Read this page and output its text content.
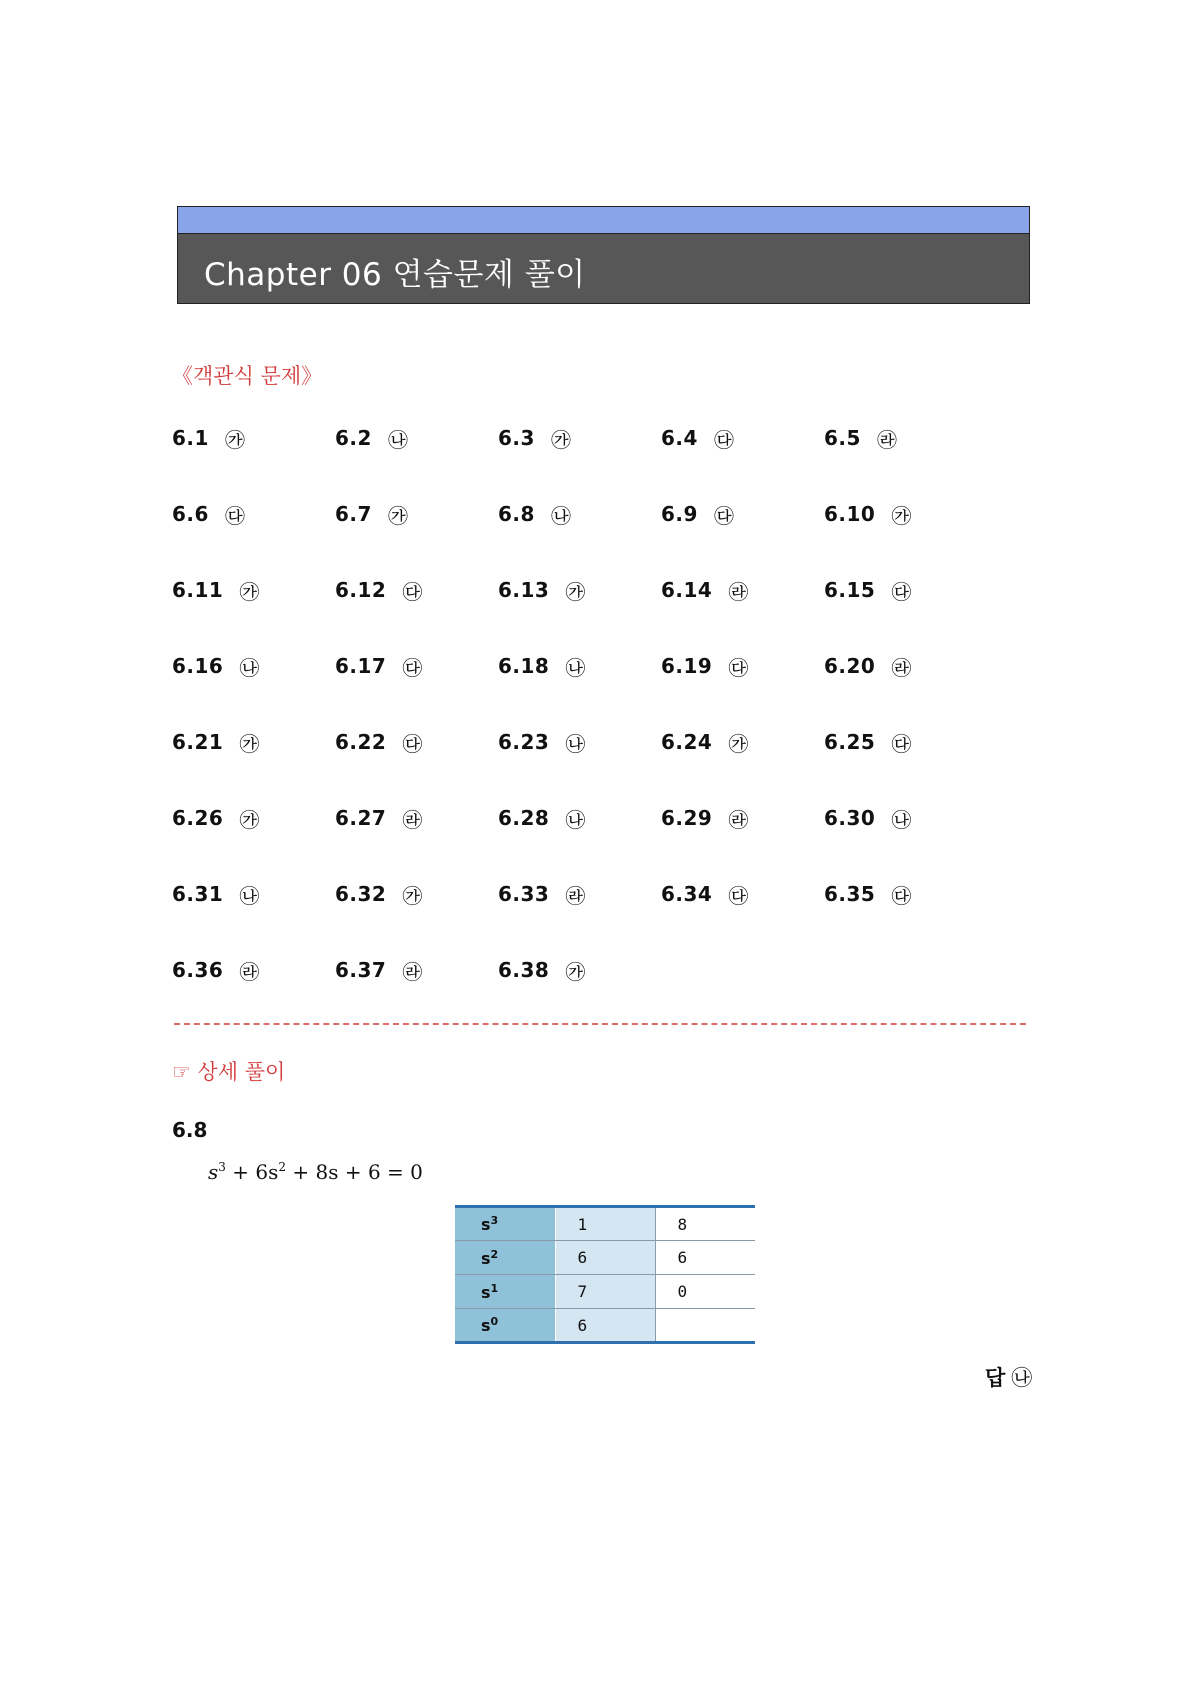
Chapter 06 연습문제 풀이
《객관식 문제》
6.1 ㉮	6.2 ㉯	6.3 ㉮	6.4 ㉰	6.5 ㉱
6.6 ㉰	6.7 ㉮	6.8 ㉯	6.9 ㉰	6.10 ㉮
6.11 ㉮	6.12 ㉰	6.13 ㉮	6.14 ㉱	6.15 ㉰
6.16 ㉯	6.17 ㉰	6.18 ㉯	6.19 ㉰	6.20 ㉱
6.21 ㉮	6.22 ㉰	6.23 ㉯	6.24 ㉮	6.25 ㉰
6.26 ㉮	6.27 ㉱	6.28 ㉯	6.29 ㉱	6.30 ㉯
6.31 ㉯	6.32 ㉮	6.33 ㉱	6.34 ㉰	6.35 ㉰
6.36 ㉱	6.37 ㉱	6.38 ㉮
☞ 상세 풀이
6.8
$s^3 + 6s^2 + 8s + 6 = 0$
$s^3$	1	8
$s^2$	6	6
$s^1$	7	0
$s^0$	6	
답 ㉯
